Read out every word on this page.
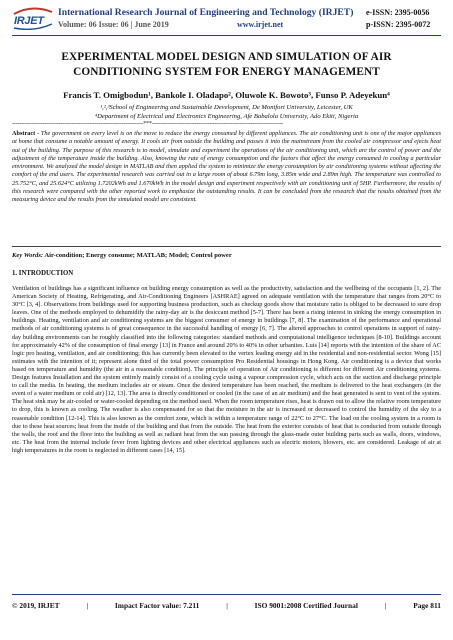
IRJET
International Research Journal of Engineering and Technology (IRJET)
Volume: 06 Issue: 06 | June 2019	www.irjet.net
e-ISSN: 2395-0056
p-ISSN: 2395-0072
EXPERIMENTAL MODEL DESIGN AND SIMULATION OF AIR CONDITIONING SYSTEM FOR ENERGY MANAGEMENT
Francis T. Omigbodun¹, Bankole I. Oladapo², Oluwole K. Bowoto³, Funso P. Adeyekun⁴
¹,²,³School of Engineering and Sustainable Development, De Montfort University, Leicester, UK
⁴Department of Electrical and Electronics Engineering, Afe Babalola University, Ado Ekiti, Nigeria
-------------------------------------------------------------------------***-------------------------------------------------------------------------

Abstract - The government on every level is on the move to reduce the energy consumed by different appliances. The air conditioning unit is one of the major appliances at home that consume a notable amount of energy. It cools air from outside the building and passes it into the mainstream from the cooled air compressor and ejects heat out of the building. The purpose of this research is to model, simulate and experiment the operations of the air conditioning unit, which are the control of power and the adjustment of the temperature inside the building. Also, knowing the rate of energy consumption and the factors that affect the energy consumed in cooling a particular environment. We analyzed the model design in MATLAB and then applied the system to minimize the energy consumption by air conditioning systems without affecting the comfort of the end users. The experimental research was carried out in a large room of about 6.79m long, 3.85m wide and 2.89m high. The temperature was controlled to 25.752°C, and 25.624°C utilizing 1.7202kWh and 1.670kWh in the model design and experiment respectively with air conditioning unit of 5HP. Furthermore, the results of this research were compared with the other reported work to emphasize the outstanding results. It can be concluded from the research that the results obtained from the measuring device and the results from the simulated model are consistent.

Key Words: Air-condition; Energy consume; MATLAB; Model; Control power

1. INTRODUCTION

Ventilation of buildings has a significant influence on building energy consumption as well as the productivity, satisfaction and the wellbeing of the occupants [1, 2]. The American Society of Heating, Refrigerating, and Air-Conditioning Engineers [ASHRAE] agreed on adequate ventilation with the temperature that ranges from 20°C to 30°C [3, 4]. Observations from buildings used for supporting business production, such as checkup goods show that moisture ratio is obliged to be decreased to sure drop leaves. One of the methods employed to dehumidify the rainy-day air is the desiccant method [5-7]. There has been a rising interest in sinking the energy consumption in buildings. Heating, ventilation and air conditioning systems are the biggest consumer of energy in buildings [7, 8]. The examination of the performance and operational methods of air conditioning systems is of great consequence in the successful handling of energy [6, 7]. The altered approaches to control operations in support of rainy-day building environments can be roughly classified into the following categories: standard methods and computational intelligence techniques [8-10]. Buildings account for approximately 42% of the consumption of final energy [13] in France and around 20% to 40% in other urbanites. Luis [14] reports with the intention of the share of AC logic pro heating, ventilation, and air conditioning; this has currently been elevated to the vertex leading energy aid in the residential and non-residential sector. Wong [15] estimates with the intention of it; represent alone third of the total power consumption Pro Residential housings in Hong Kong. Air conditioning is a device that works based on temperature and humidity (the air in a reasonable condition). The principle of operation of Air conditioning is different for different Air conditioning systems. Design features Installation and the system entirely mainly consist of a cooling cycle using a vapour compression cycle, which acts on the suction and discharge principle to call the media. In heating, the medium includes air or steam. Once the desired temperature has been reached, the medium is delivered to the heat exchangers (in the event of a water medium or cold air) [12, 13]. The area is directly conditioned or cooled (in the case of an air medium) and the heat generated is sent to vent of the system. The heat sink may be air-cooled or water-cooled depending on the method used. When the room temperature rises, heat is drawn out to allow the relative room temperature to drop, this is known as cooling. The weather is also compensated for so that the moisture in the air is increased or decreased to control the humidity of the sky to a reasonable condition [12-14]. This is also known as the comfort zone, which is within a temperature range of 22°C to 27°C. The load on the cooling system in a room is due to these heat sources; heat from the inside of the building and that from the outside. The heat from the exterior consists of heat that is conducted from outside through the walls, the roof and the floor into the building as well as radiant heat from the sun passing through the glass-made outer building parts such as walls, doors, windows, etc. The heat from the internal include fever from lighting devices and other electrical appliances such as electric motors, blowers, etc. are considered. Leakage of air at high temperatures in the room is neglected in different cases [14, 15].

© 2019, IRJET	|	Impact Factor value: 7.211	|	ISO 9001:2008 Certified Journal	|	Page 811
